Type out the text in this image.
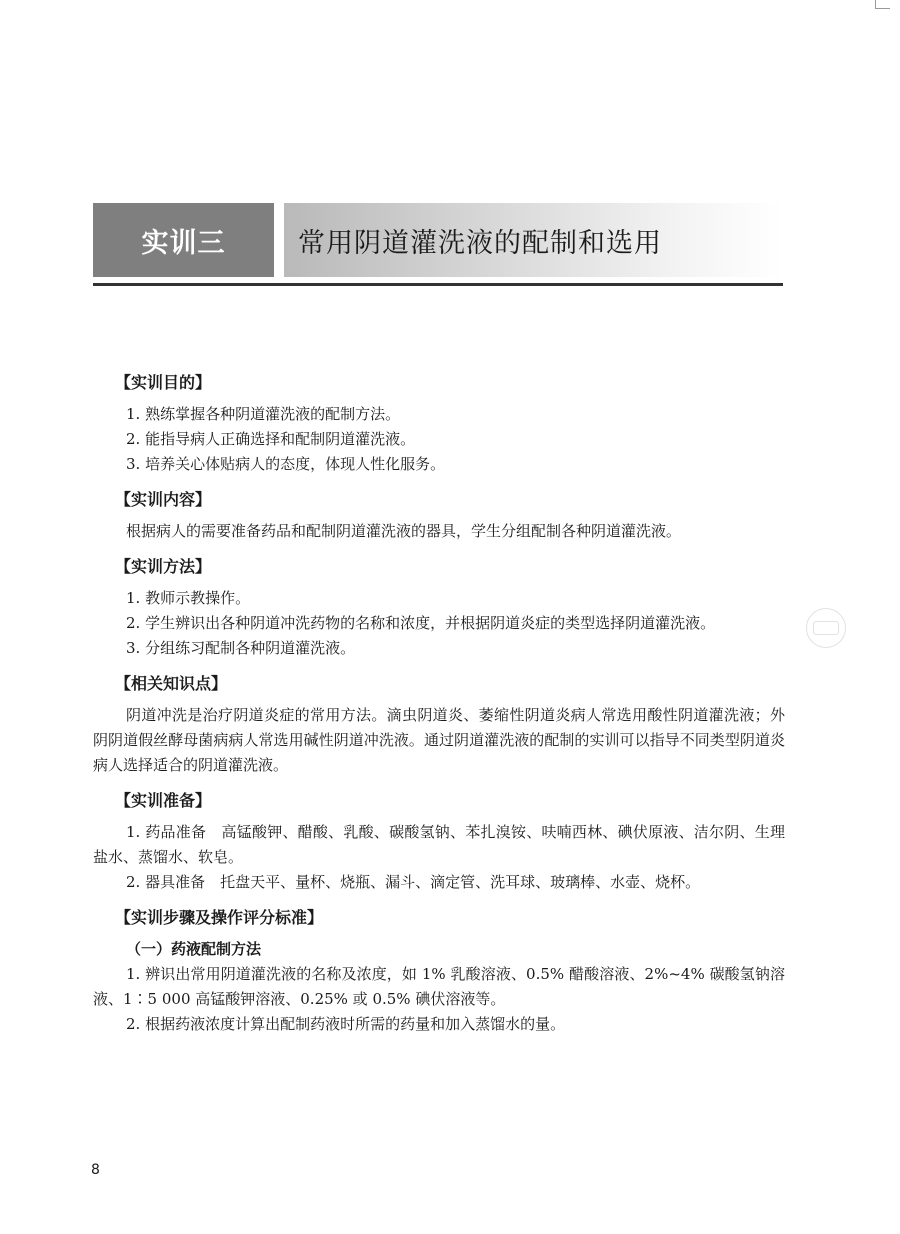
实训三	常用阴道灌洗液的配制和选用
【实训目的】

1. 熟练掌握各种阴道灌洗液的配制方法。

2. 能指导病人正确选择和配制阴道灌洗液。

3. 培养关心体贴病人的态度，体现人性化服务。

【实训内容】

根据病人的需要准备药品和配制阴道灌洗液的器具，学生分组配制各种阴道灌洗液。

【实训方法】

1. 教师示教操作。

2. 学生辨识出各种阴道冲洗药物的名称和浓度，并根据阴道炎症的类型选择阴道灌洗液。

3. 分组练习配制各种阴道灌洗液。

【相关知识点】

阴道冲洗是治疗阴道炎症的常用方法。滴虫阴道炎、萎缩性阴道炎病人常选用酸性阴道灌洗液；外阴阴道假丝酵母菌病病人常选用碱性阴道冲洗液。通过阴道灌洗液的配制的实训可以指导不同类型阴道炎病人选择适合的阴道灌洗液。

【实训准备】

1. 药品准备　高锰酸钾、醋酸、乳酸、碳酸氢钠、苯扎溴铵、呋喃西林、碘伏原液、洁尔阴、生理盐水、蒸馏水、软皂。

2. 器具准备　托盘天平、量杯、烧瓶、漏斗、滴定管、洗耳球、玻璃棒、水壶、烧杯。

【实训步骤及操作评分标准】
（一）药液配制方法

1. 辨识出常用阴道灌洗液的名称及浓度，如 1% 乳酸溶液、0.5% 醋酸溶液、2%~4% 碳酸氢钠溶液、1∶5 000 高锰酸钾溶液、0.25% 或 0.5% 碘伏溶液等。

2. 根据药液浓度计算出配制药液时所需的药量和加入蒸馏水的量。

8
